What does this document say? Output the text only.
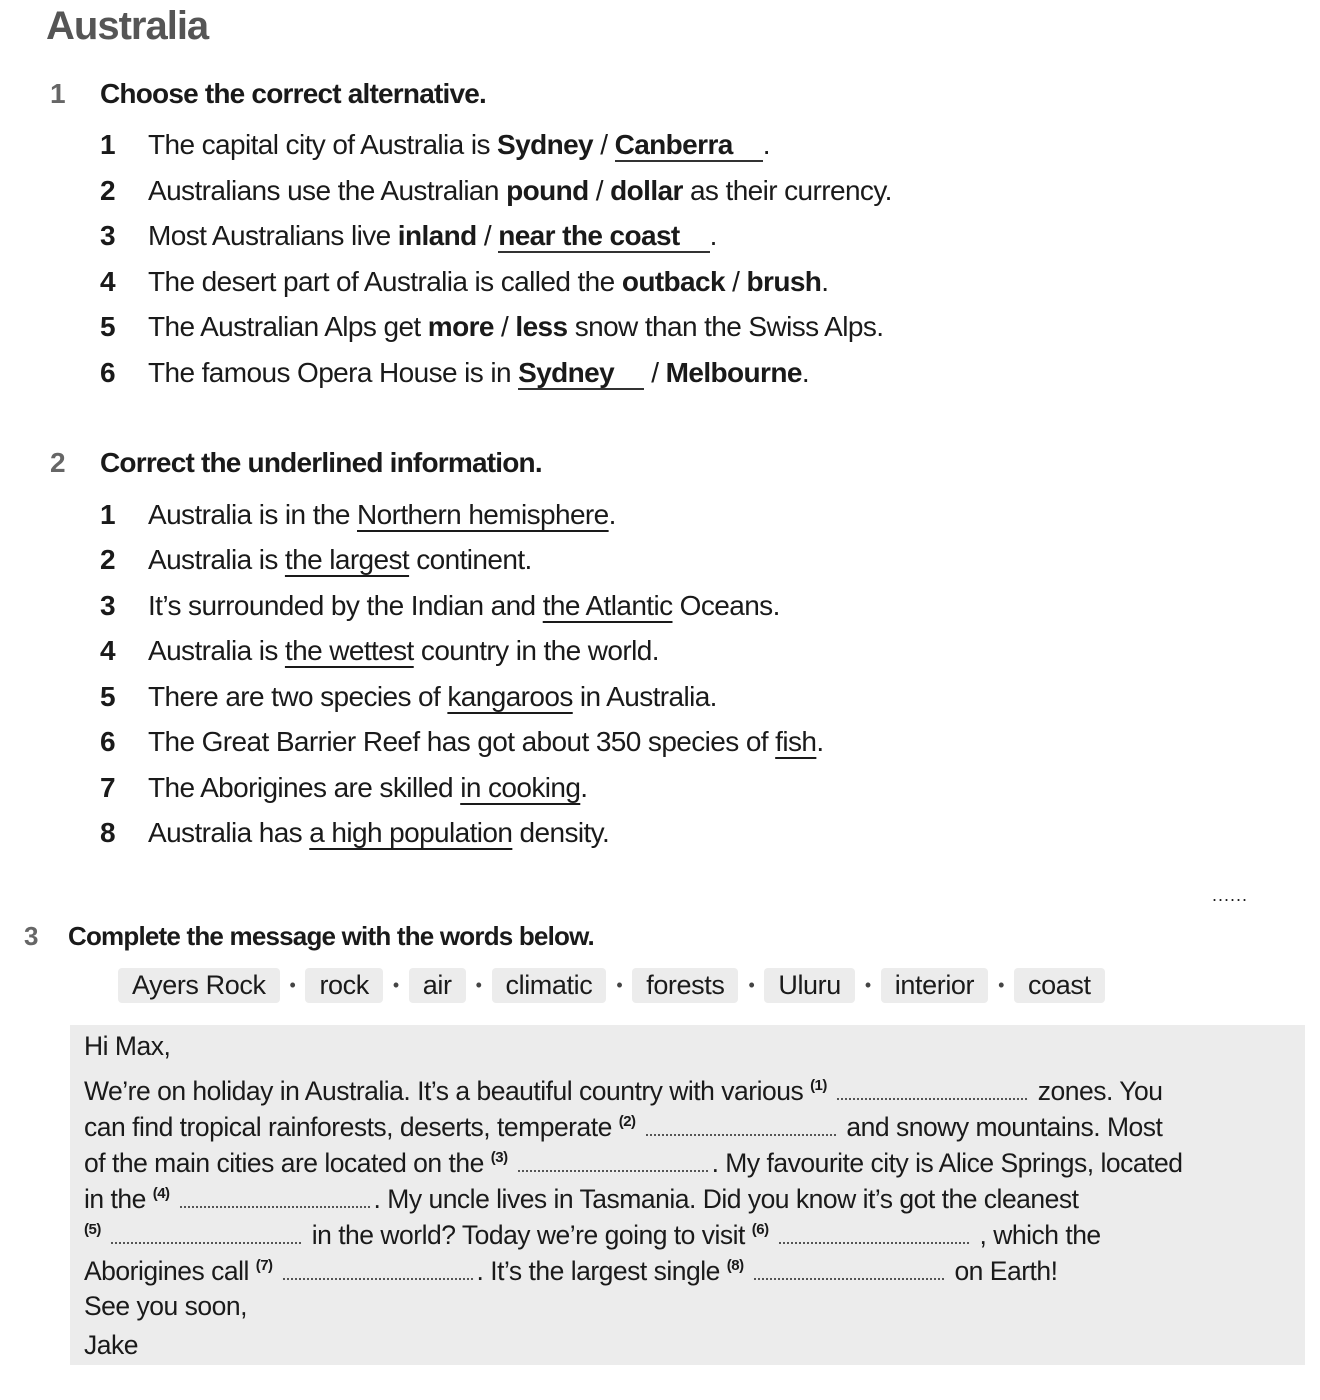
Australia
1 Choose the correct alternative.
1 The capital city of Australia is Sydney / Canberra .
2 Australians use the Australian pound / dollar as their currency.
3 Most Australians live inland / near the coast .
4 The desert part of Australia is called the outback / brush.
5 The Australian Alps get more / less snow than the Swiss Alps.
6 The famous Opera House is in Sydney / Melbourne.
2 Correct the underlined information.
1 Australia is in the Northern hemisphere.
2 Australia is the largest continent.
3 It’s surrounded by the Indian and the Atlantic Oceans.
4 Australia is the wettest country in the world.
5 There are two species of kangaroos in Australia.
6 The Great Barrier Reef has got about 350 species of fish.
7 The Aborigines are skilled in cooking.
8 Australia has a high population density.
......
3 Complete the message with the words below.
Ayers Rock	• rock	• air	• climatic	• forests	• Uluru	• interior	• coast
Hi Max,
We’re on holiday in Australia. It’s a beautiful country with various $^{(1)}$	zones. You
can find tropical rainforests, deserts, temperate $^{(2)}$	and snowy mountains. Most
of the main cities are located on the $^{(3)}$	. My favourite city is Alice Springs, located
in the $^{(4)}$	. My uncle lives in Tasmania. Did you know it’s got the cleanest
$^{(5)}$	in the world? Today we’re going to visit $^{(6)}$	, which the
Aborigines call $^{(7)}$	. It’s the largest single $^{(8)}$	on Earth!
See you soon,
Jake
